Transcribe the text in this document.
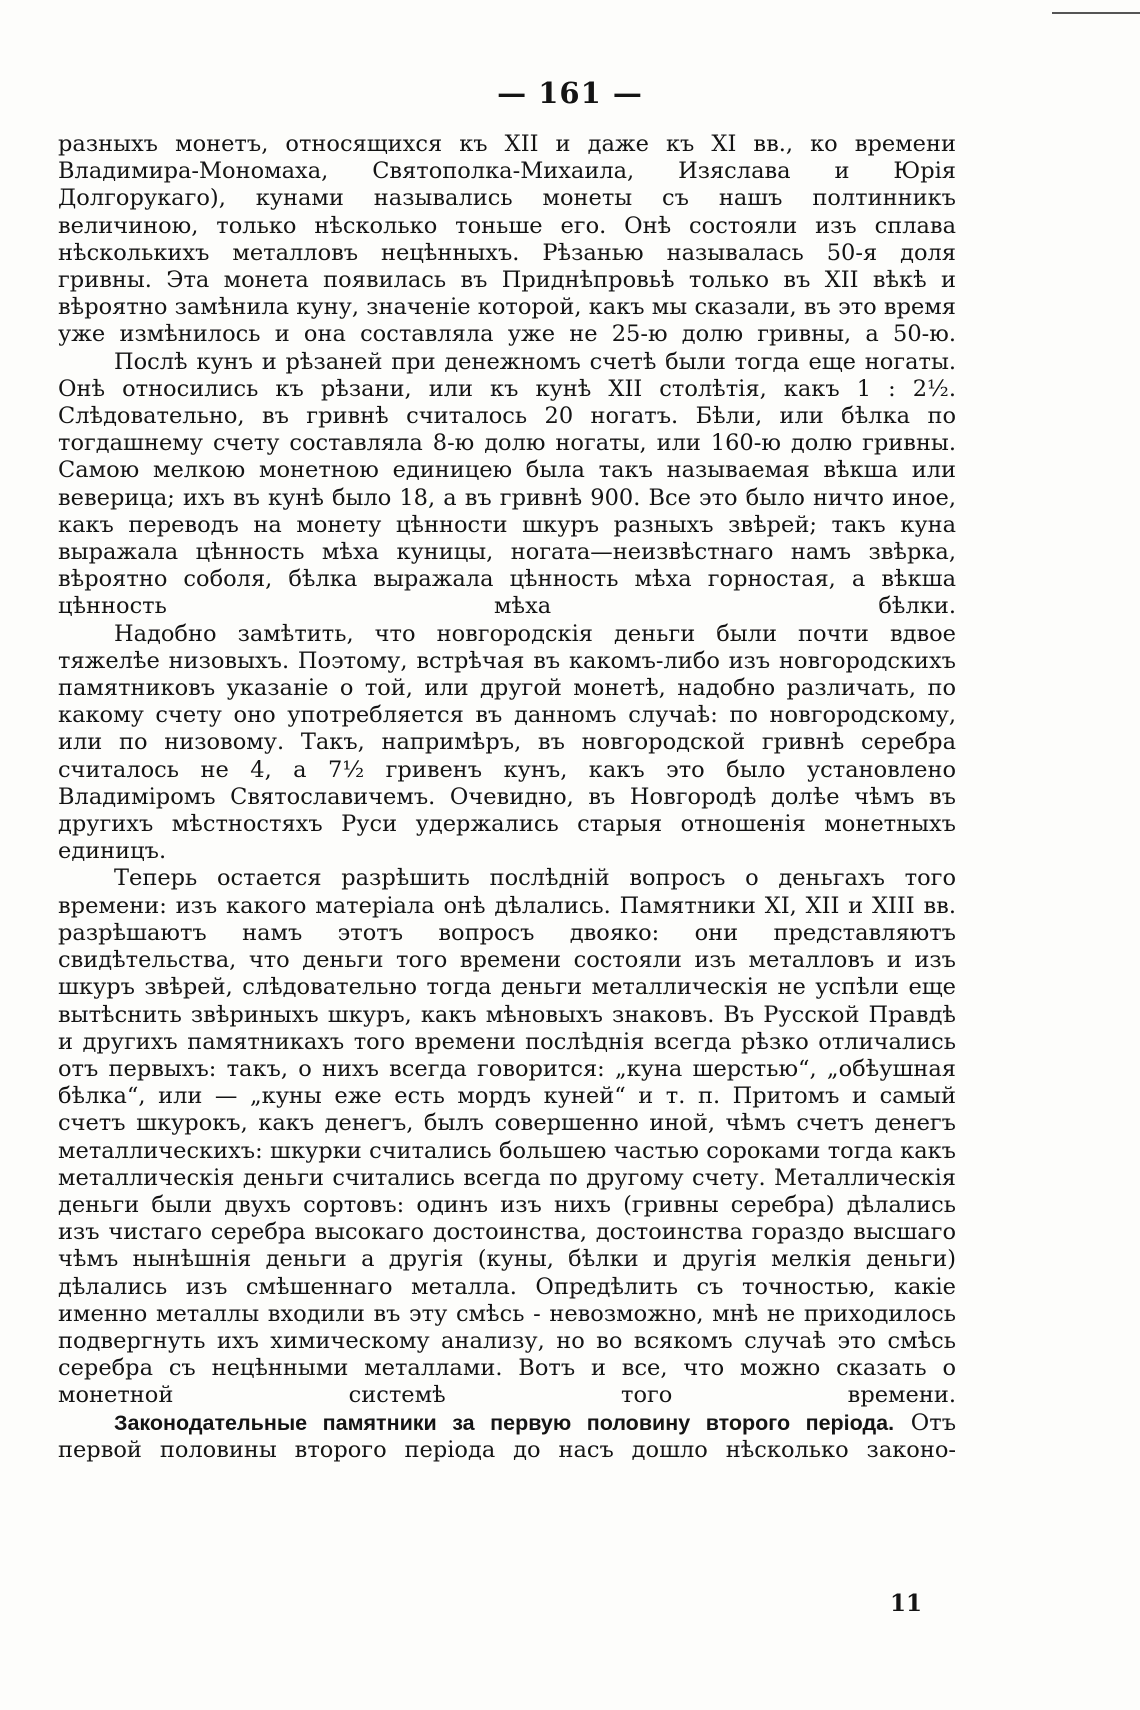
— 161 —

разныхъ монетъ, относящихся къ XII и даже къ XI вв., ко времени Владимира-Мономаха, Святополка-Михаила, Изяслава и Юрія Долгорукаго), кунами назывались монеты съ нашъ полтинникъ величиною, только нѣсколько тоньше его. Онѣ состояли изъ сплава нѣсколькихъ металловъ нецѣнныхъ. Рѣзанью называлась 50-я доля гривны. Эта монета появилась въ Приднѣпровьѣ только въ XII вѣкѣ и вѣроятно замѣнила куну, значеніе которой, какъ мы сказали, въ это время уже измѣнилось и она составляла уже не 25-ю долю гривны, а 50-ю.

Послѣ кунъ и рѣзаней при денежномъ счетѣ были тогда еще ногаты. Онѣ относились къ рѣзани, или къ кунѣ XII столѣтія, какъ 1 : 2½. Слѣдовательно, въ гривнѣ считалось 20 ногатъ. Бѣли, или бѣлка по тогдашнему счету составляла 8-ю долю ногаты, или 160-ю долю гривны. Самою мелкою монетною единицею была такъ называемая вѣкша или веверица; ихъ въ кунѣ было 18, а въ гривнѣ 900. Все это было ничто иное, какъ переводъ на монету цѣнности шкуръ разныхъ звѣрей; такъ куна выражала цѣнность мѣха куницы, ногата—неизвѣстнаго намъ звѣрка, вѣроятно соболя, бѣлка выражала цѣнность мѣха горностая, а вѣкша цѣнность мѣха бѣлки.

Надобно замѣтить, что новгородскія деньги были почти вдвое тяжелѣе низовыхъ. Поэтому, встрѣчая въ какомъ-либо изъ новгородскихъ памятниковъ указаніе о той, или другой монетѣ, надобно различать, по какому счету оно употребляется въ данномъ случаѣ: по новгородскому, или по низовому. Такъ, напримѣръ, въ новгородской гривнѣ серебра считалось не 4, а 7½ гривенъ кунъ, какъ это было установлено Владиміромъ Святославичемъ. Очевидно, въ Новгородѣ долѣе чѣмъ въ другихъ мѣстностяхъ Руси удержались старыя отношенія монетныхъ единицъ.

Теперь остается разрѣшить послѣдній вопросъ о деньгахъ того времени: изъ какого матеріала онѣ дѣлались. Памятники XI, XII и XIII вв. разрѣшаютъ намъ этотъ вопросъ двояко: они представляютъ свидѣтельства, что деньги того времени состояли изъ металловъ и изъ шкуръ звѣрей, слѣдовательно тогда деньги металлическія не успѣли еще вытѣснить звѣриныхъ шкуръ, какъ мѣновыхъ знаковъ. Въ Русской Правдѣ и другихъ памятникахъ того времени послѣднія всегда рѣзко отличались отъ первыхъ: такъ, о нихъ всегда говорится: „куна шерстью“, „обѣушная бѣлка“, или — „куны еже есть мордъ куней“ и т. п. Притомъ и самый счетъ шкурокъ, какъ денегъ, былъ совершенно иной, чѣмъ счетъ денегъ металлическихъ: шкурки считались большею частью сороками тогда какъ металлическія деньги считались всегда по другому счету. Металлическія деньги были двухъ сортовъ: одинъ изъ нихъ (гривны серебра) дѣлались изъ чистаго серебра высокаго достоинства, достоинства гораздо высшаго чѣмъ нынѣшнія деньги а другія (куны, бѣлки и другія мелкія деньги) дѣлались изъ смѣшеннаго металла. Опредѣлить съ точностью, какіе именно металлы входили въ эту смѣсь - невозможно, мнѣ не приходилось подвергнуть ихъ химическому анализу, но во всякомъ случаѣ это смѣсь серебра съ нецѣнными металлами. Вотъ и все, что можно сказать о монетной системѣ того времени.

Законодательные памятники за первую половину второго періода. Отъ первой половины второго періода до насъ дошло нѣсколько законо-

11
